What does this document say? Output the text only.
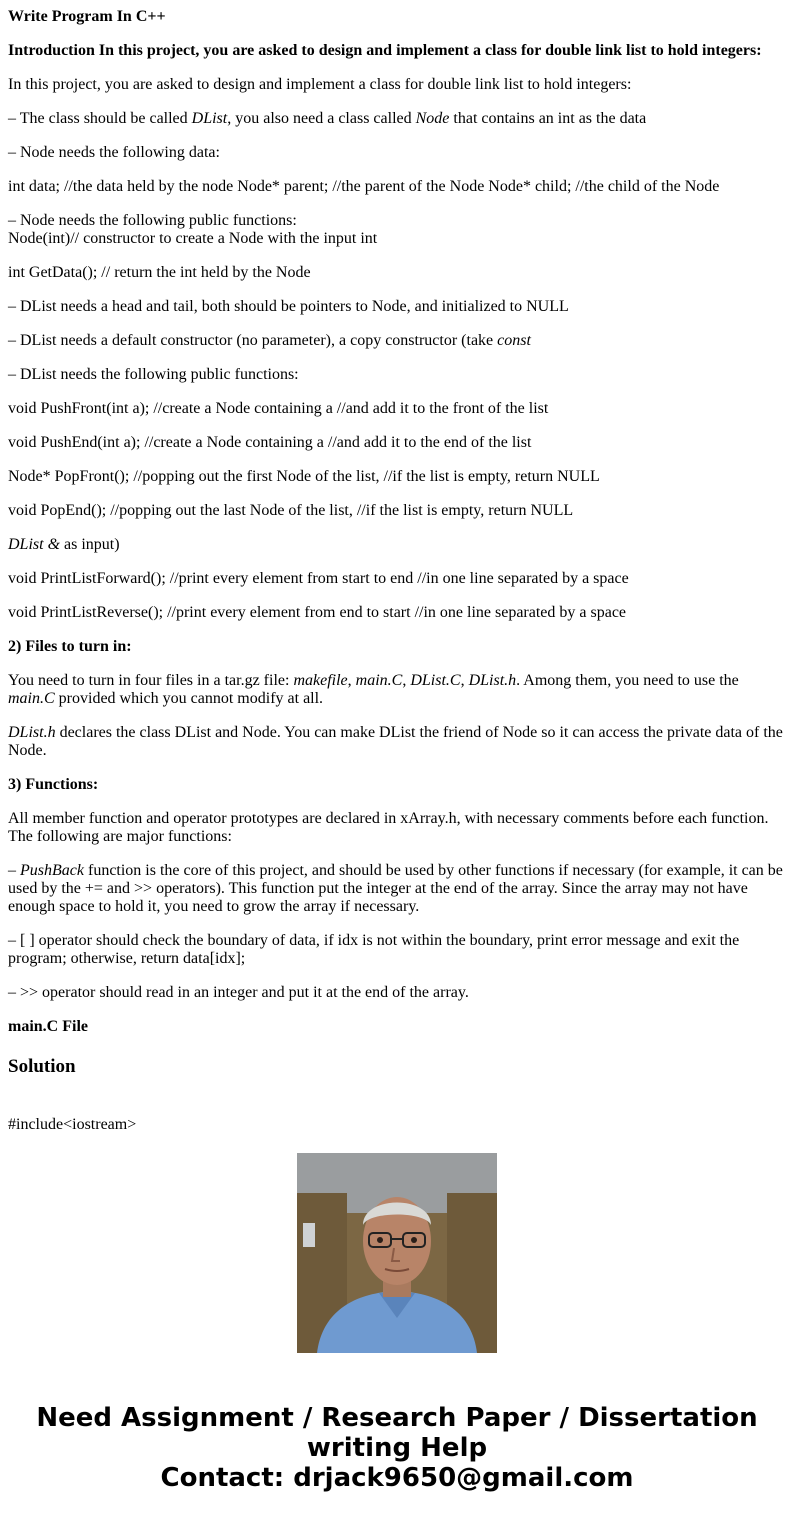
Write Program In C++

Introduction In this project, you are asked to design and implement a class for double link list to hold integers:

In this project, you are asked to design and implement a class for double link list to hold integers:

– The class should be called DList, you also need a class called Node that contains an int as the data

– Node needs the following data:

int data; //the data held by the node Node* parent; //the parent of the Node Node* child; //the child of the Node

– Node needs the following public functions:
Node(int)// constructor to create a Node with the input int

int GetData(); // return the int held by the Node

– DList needs a head and tail, both should be pointers to Node, and initialized to NULL

– DList needs a default constructor (no parameter), a copy constructor (take const

– DList needs the following public functions:

void PushFront(int a); //create a Node containing a //and add it to the front of the list

void PushEnd(int a); //create a Node containing a //and add it to the end of the list

Node* PopFront(); //popping out the first Node of the list, //if the list is empty, return NULL

void PopEnd(); //popping out the last Node of the list, //if the list is empty, return NULL

DList & as input)

void PrintListForward(); //print every element from start to end //in one line separated by a space

void PrintListReverse(); //print every element from end to start //in one line separated by a space

2) Files to turn in:

You need to turn in four files in a tar.gz file: makefile, main.C, DList.C, DList.h. Among them, you need to use the main.C provided which you cannot modify at all.

DList.h declares the class DList and Node. You can make DList the friend of Node so it can access the private data of the Node.

3) Functions:

All member function and operator prototypes are declared in xArray.h, with necessary comments before each function. The following are major functions:

– PushBack function is the core of this project, and should be used by other functions if necessary (for example, it can be used by the += and >> operators). This function put the integer at the end of the array. Since the array may not have enough space to hold it, you need to grow the array if necessary.

– [ ] operator should check the boundary of data, if idx is not within the boundary, print error message and exit the program; otherwise, return data[idx];

– >> operator should read in an integer and put it at the end of the array.

main.C File

Solution
#include<iostream>
Need Assignment / Research Paper / Dissertation
writing Help
Contact: drjack9650@gmail.com
